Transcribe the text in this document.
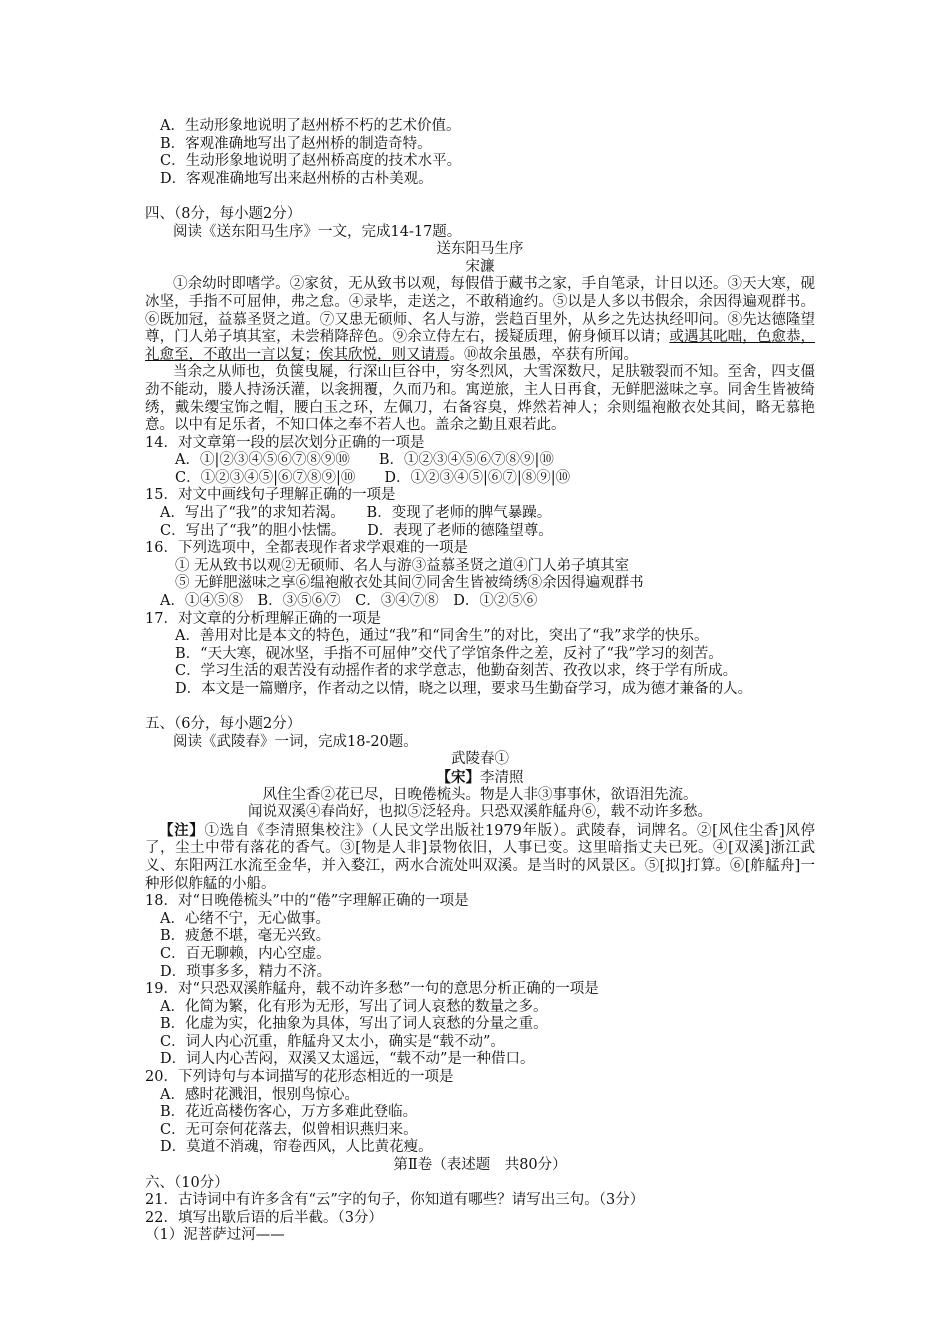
A．生动形象地说明了赵州桥不朽的艺术价值。
B．客观准确地写出了赵州桥的制造奇特。
C．生动形象地说明了赵州桥高度的技术水平。
D．客观准确地写出来赵州桥的古朴美观。
四、（8分，每小题2分）
阅读《送东阳马生序》一文，完成14-17题。
送东阳马生序
宋濂

①余幼时即嗜学。②家贫，无从致书以观，每假借于藏书之家，手自笔录，计日以还。③天大寒，砚冰坚，手指不可屈伸，弗之怠。④录毕，走送之，不敢稍逾约。⑤以是人多以书假余，余因得遍观群书。⑥既加冠，益慕圣贤之道。⑦又患无硕师、名人与游，尝趋百里外，从乡之先达执经叩问。⑧先达德隆望尊，门人弟子填其室，未尝稍降辞色。⑨余立侍左右，援疑质理，俯身倾耳以请；或遇其叱咄，色愈恭，礼愈至，不敢出一言以复；俟其欣悦，则又请焉。⑩故余虽愚，卒获有所闻。

当余之从师也，负箧曳屣，行深山巨谷中，穷冬烈风，大雪深数尺，足肤皲裂而不知。至舍，四支僵劲不能动，媵人持汤沃灌，以衾拥覆，久而乃和。寓逆旅，主人日再食，无鲜肥滋味之享。同舍生皆被绮绣，戴朱缨宝饰之帽，腰白玉之环，左佩刀，右备容臭，烨然若神人；余则缊袍敝衣处其间，略无慕艳意。以中有足乐者，不知口体之奉不若人也。盖余之勤且艰若此。

14．对文章第一段的层次划分正确的一项是
A．①|②③④⑤⑥⑦⑧⑨⑩　　B．①②③④⑤⑥⑦⑧⑨|⑩
C．①②③④⑤|⑥⑦⑧⑨|⑩　　D．①②③④⑤|⑥⑦|⑧⑨|⑩
15．对文中画线句子理解正确的一项是
A．写出了“我”的求知若渴。　　B．变现了老师的脾气暴躁。
C．写出了“我”的胆小怯懦。　　D．表现了老师的德隆望尊。
16．下列选项中，全都表现作者求学艰难的一项是
① 无从致书以观②无硕师、名人与游③益慕圣贤之道④门人弟子填其室
⑤ 无鲜肥滋味之享⑥缊袍敝衣处其间⑦同舍生皆被绮绣⑧余因得遍观群书
A．①④⑤⑧　B．③⑤⑥⑦　C．③④⑦⑧　D．①②⑤⑥
17．对文章的分析理解正确的一项是
A．善用对比是本文的特色，通过“我”和“同舍生”的对比，突出了“我”求学的快乐。
B．“天大寒，砚冰坚，手指不可屈伸”交代了学馆条件之差，反衬了“我”学习的刻苦。
C．学习生活的艰苦没有动摇作者的求学意志，他勤奋刻苦、孜孜以求，终于学有所成。
D．本文是一篇赠序，作者动之以情，晓之以理，要求马生勤奋学习，成为德才兼备的人。
五、（6分，每小题2分）
阅读《武陵春》一词，完成18-20题。
武陵春①
【宋】李清照
风住尘香②花已尽，日晚倦梳头。物是人非③事事休，欲语泪先流。
闻说双溪④春尚好，也拟⑤泛轻舟。只恐双溪舴艋舟⑥，载不动许多愁。

【注】①选自《李清照集校注》（人民文学出版社1979年版）。武陵春，词牌名。②[风住尘香]风停了，尘土中带有落花的香气。③[物是人非]景物依旧，人事已变。这里暗指丈夫已死。④[双溪]浙江武义、东阳两江水流至金华，并入婺江，两水合流处叫双溪。是当时的风景区。⑤[拟]打算。⑥[舴艋舟]一种形似舴艋的小船。

18．对“日晚倦梳头”中的“倦”字理解正确的一项是
A．心绪不宁，无心做事。
B．疲惫不堪，毫无兴致。
C．百无聊赖，内心空虚。
D．琐事多多，精力不济。
19．对“只恐双溪舴艋舟，载不动许多愁”一句的意思分析正确的一项是
A．化简为繁，化有形为无形，写出了词人哀愁的数量之多。
B．化虚为实，化抽象为具体，写出了词人哀愁的分量之重。
C．词人内心沉重，舴艋舟又太小，确实是“载不动”。
D．词人内心苦闷，双溪又太遥远，“载不动”是一种借口。
20．下列诗句与本词描写的花形态相近的一项是
A．感时花溅泪，恨别鸟惊心。
B．花近高楼伤客心，万方多难此登临。
C．无可奈何花落去，似曾相识燕归来。
D．莫道不消魂，帘卷西风，人比黄花瘦。
第Ⅱ卷（表述题　共80分）
六、（10分）
21．古诗词中有许多含有“云”字的句子，你知道有哪些？请写出三句。（3分）
22．填写出歇后语的后半截。（3分）
（1）泥菩萨过河——
